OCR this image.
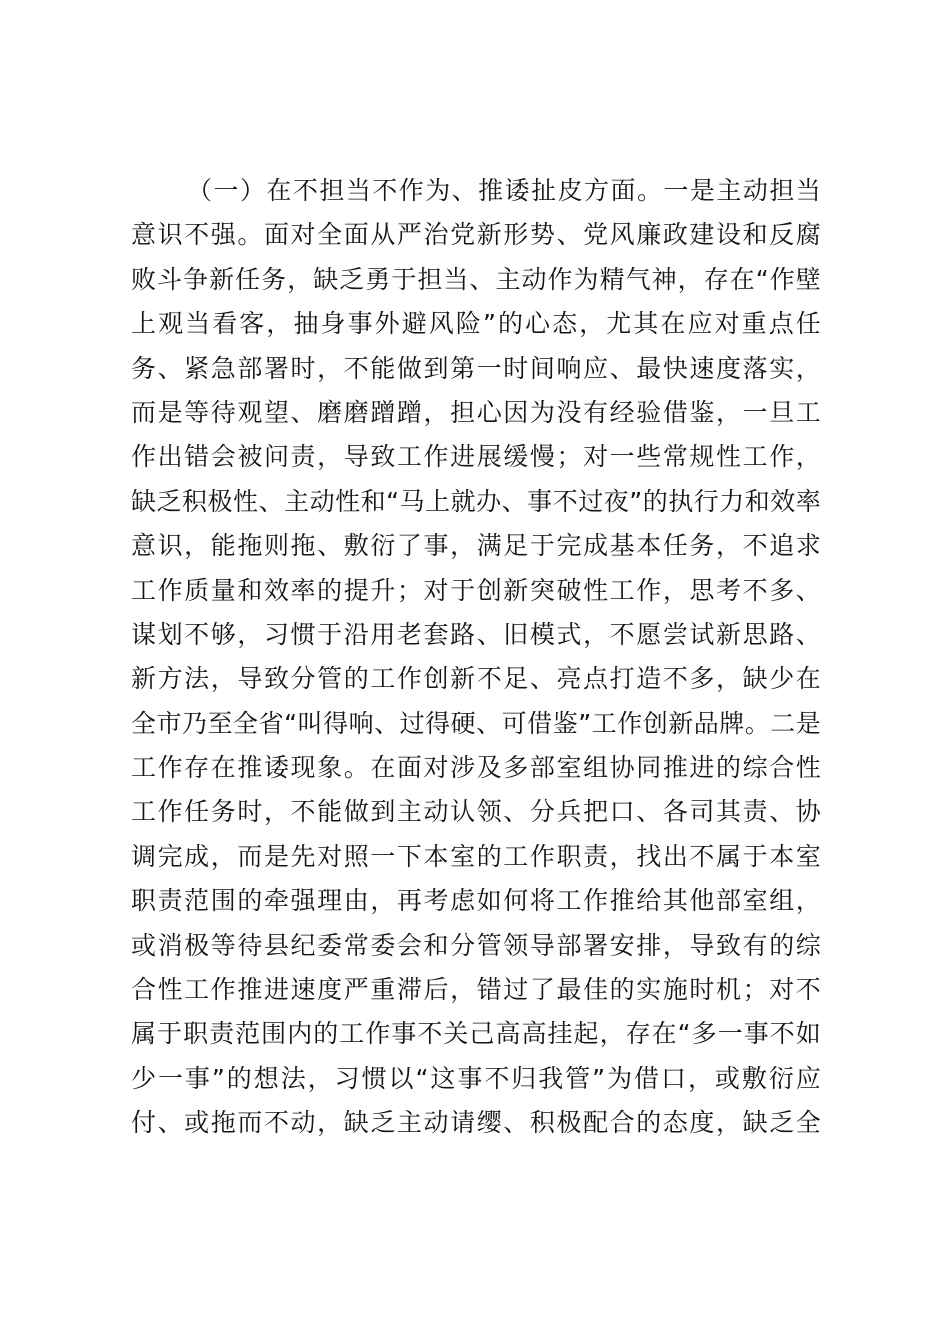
（一）在不担当不作为、推诿扯皮方面。一是主动担当
意识不强。面对全面从严治党新形势、党风廉政建设和反腐
败斗争新任务，缺乏勇于担当、主动作为精气神，存在“作壁
上观当看客，抽身事外避风险”的心态，尤其在应对重点任
务、紧急部署时，不能做到第一时间响应、最快速度落实，
而是等待观望、磨磨蹭蹭，担心因为没有经验借鉴，一旦工
作出错会被问责，导致工作进展缓慢；对一些常规性工作，
缺乏积极性、主动性和“马上就办、事不过夜”的执行力和效率
意识，能拖则拖、敷衍了事，满足于完成基本任务，不追求
工作质量和效率的提升；对于创新突破性工作，思考不多、
谋划不够，习惯于沿用老套路、旧模式，不愿尝试新思路、
新方法，导致分管的工作创新不足、亮点打造不多，缺少在
全市乃至全省“叫得响、过得硬、可借鉴”工作创新品牌。二是
工作存在推诿现象。在面对涉及多部室组协同推进的综合性
工作任务时，不能做到主动认领、分兵把口、各司其责、协
调完成，而是先对照一下本室的工作职责，找出不属于本室
职责范围的牵强理由，再考虑如何将工作推给其他部室组，
或消极等待县纪委常委会和分管领导部署安排，导致有的综
合性工作推进速度严重滞后，错过了最佳的实施时机；对不
属于职责范围内的工作事不关己高高挂起，存在“多一事不如
少一事”的想法，习惯以“这事不归我管”为借口，或敷衍应
付、或拖而不动，缺乏主动请缨、积极配合的态度，缺乏全
